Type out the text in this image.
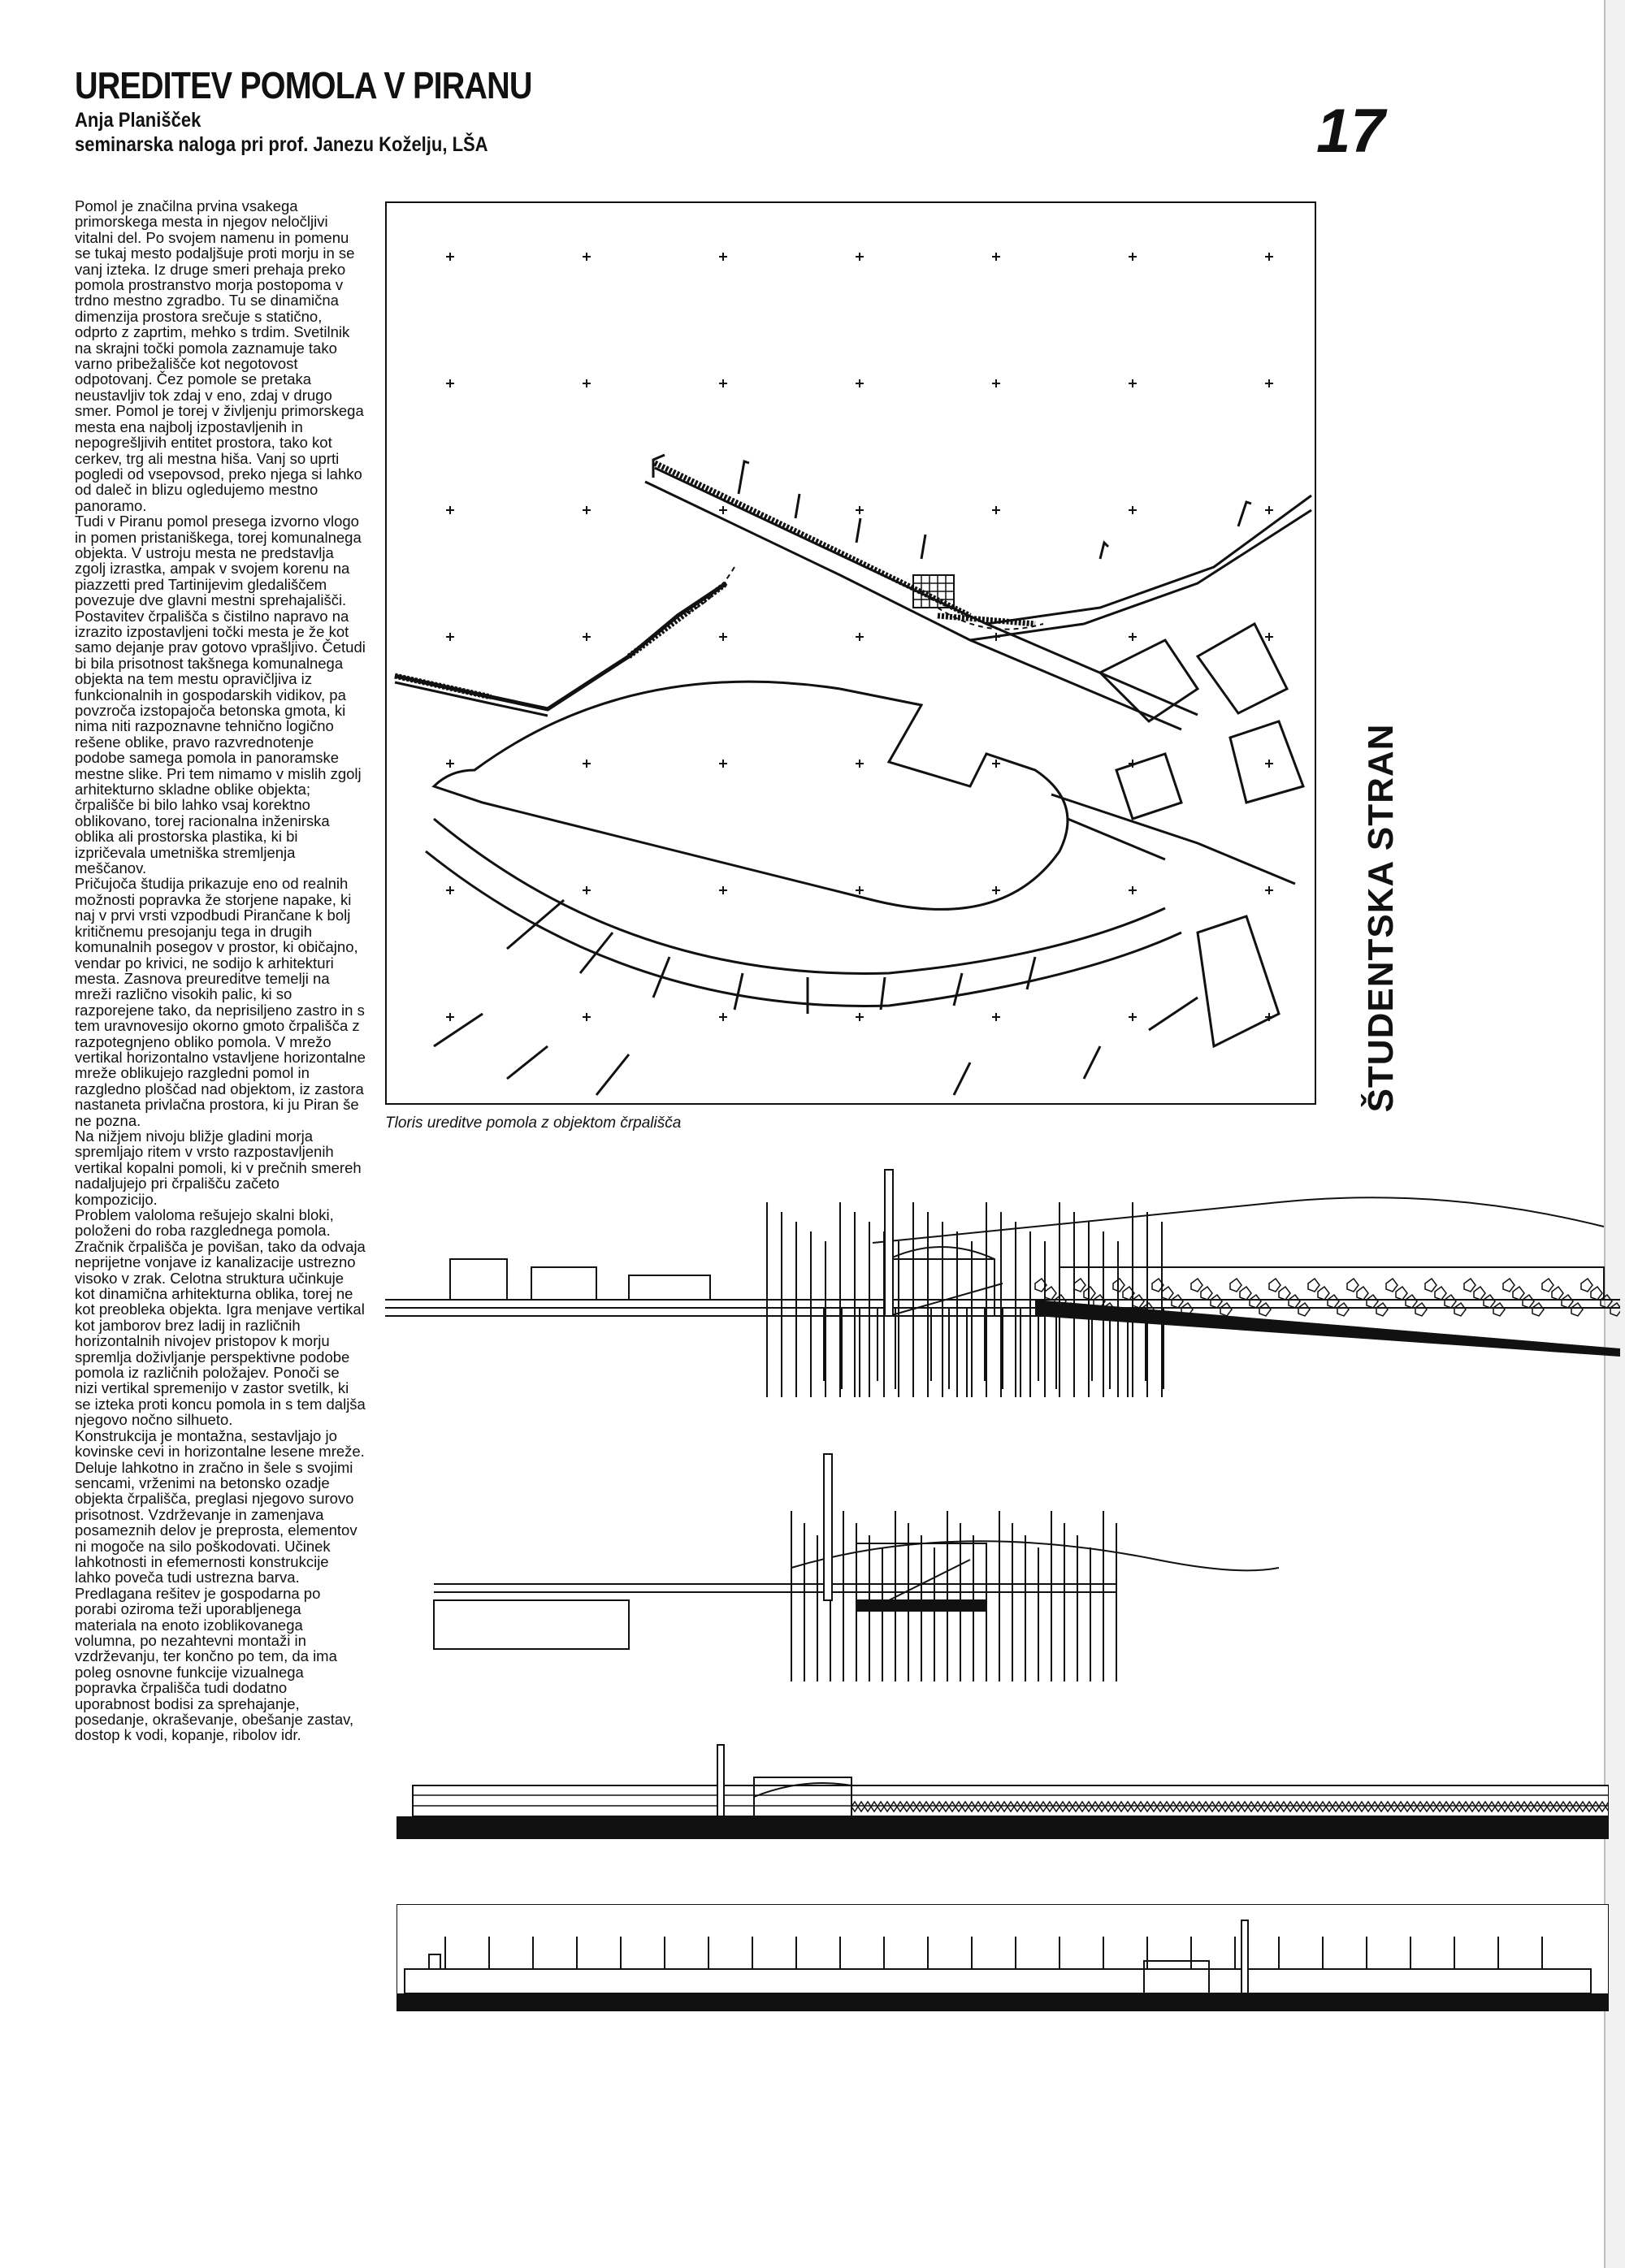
UREDITEV POMOLA V PIRANU

Anja Planišček

seminarska naloga pri prof. Janezu Koželju, LŠA	17

Pomol je značilna prvina vsakega primorskega mesta in njegov neločljivi vitalni del. Po svojem namenu in pomenu se tukaj mesto podaljšuje proti morju in se vanj izteka. Iz druge smeri prehaja preko pomola prostranstvo morja postopoma v trdno mestno zgradbo. Tu se dinamična dimenzija prostora srečuje s statično, odprto z zaprtim, mehko s trdim. Svetilnik na skrajni točki pomola zaznamuje tako varno pribežališče kot negotovost odpotovanj. Čez pomole se pretaka neustavljiv tok zdaj v eno, zdaj v drugo smer. Pomol je torej v življenju primorskega mesta ena najbolj izpostavljenih in nepogrešljivih entitet prostora, tako kot cerkev, trg ali mestna hiša. Vanj so uprti pogledi od vsepovsod, preko njega si lahko od daleč in blizu ogledujemo mestno panoramo.

Tudi v Piranu pomol presega izvorno vlogo in pomen pristaniškega, torej komunalnega objekta. V ustroju mesta ne predstavlja zgolj izrastka, ampak v svojem korenu na piazzetti pred Tartinijevim gledališčem povezuje dve glavni mestni sprehajališči.

Postavitev črpališča s čistilno napravo na izrazito izpostavljeni točki mesta je že kot samo dejanje prav gotovo vprašljivo. Četudi bi bila prisotnost takšnega komunalnega objekta na tem mestu opravičljiva iz funkcionalnih in gospodarskih vidikov, pa povzroča izstopajoča betonska gmota, ki nima niti razpoznavne tehnično logično rešene oblike, pravo razvrednotenje podobe samega pomola in panoramske mestne slike. Pri tem nimamo v mislih zgolj arhitekturno skladne oblike objekta; črpališče bi bilo lahko vsaj korektno oblikovano, torej racionalna inženirska oblika ali prostorska plastika, ki bi izpričevala umetniška stremljenja meščanov.

Pričujoča študija prikazuje eno od realnih možnosti popravka že storjene napake, ki naj v prvi vrsti vzpodbudi Pirančane k bolj kritičnemu presojanju tega in drugih komunalnih posegov v prostor, ki običajno, vendar po krivici, ne sodijo k arhitekturi mesta. Zasnova preureditve temelji na mreži različno visokih palic, ki so razporejene tako, da neprisiljeno zastro in s tem uravnovesijo okorno gmoto črpališča z razpotegnjeno obliko pomola. V mrežo vertikal horizontalno vstavljene horizontalne mreže oblikujejo razgledni pomol in razgledno ploščad nad objektom, iz zastora nastaneta privlačna prostora, ki ju Piran še ne pozna.

Na nižjem nivoju bližje gladini morja spremljajo ritem v vrsto razpostavljenih vertikal kopalni pomoli, ki v prečnih smereh nadaljujejo pri črpališču začeto kompozicijo.

Problem valoloma rešujejo skalni bloki, položeni do roba razglednega pomola. Zračnik črpališča je povišan, tako da odvaja neprijetne vonjave iz kanalizacije ustrezno visoko v zrak. Celotna struktura učinkuje kot dinamična arhitekturna oblika, torej ne kot preobleka objekta. Igra menjave vertikal kot jamborov brez ladij in različnih horizontalnih nivojev pristopov k morju spremlja doživljanje perspektivne podobe pomola iz različnih položajev. Ponoči se nizi vertikal spremenijo v zastor svetilk, ki se izteka proti koncu pomola in s tem daljša njegovo nočno silhueto.

Konstrukcija je montažna, sestavljajo jo kovinske cevi in horizontalne lesene mreže. Deluje lahkotno in zračno in šele s svojimi sencami, vrženimi na betonsko ozadje objekta črpališča, preglasi njegovo surovo prisotnost. Vzdrževanje in zamenjava posameznih delov je preprosta, elementov ni mogoče na silo poškodovati. Učinek lahkotnosti in efemernosti konstrukcije lahko poveča tudi ustrezna barva.

Predlagana rešitev je gospodarna po porabi oziroma teži uporabljenega materiala na enoto izoblikovanega volumna, po nezahtevni montaži in vzdrževanju, ter končno po tem, da ima poleg osnovne funkcije vizualnega popravka črpališča tudi dodatno uporabnost bodisi za sprehajanje, posedanje, okraševanje, obešanje zastav, dostop k vodi, kopanje, ribolov idr.

ŠTUDENTSKA STRAN

Tloris ureditve pomola z objektom črpališča
